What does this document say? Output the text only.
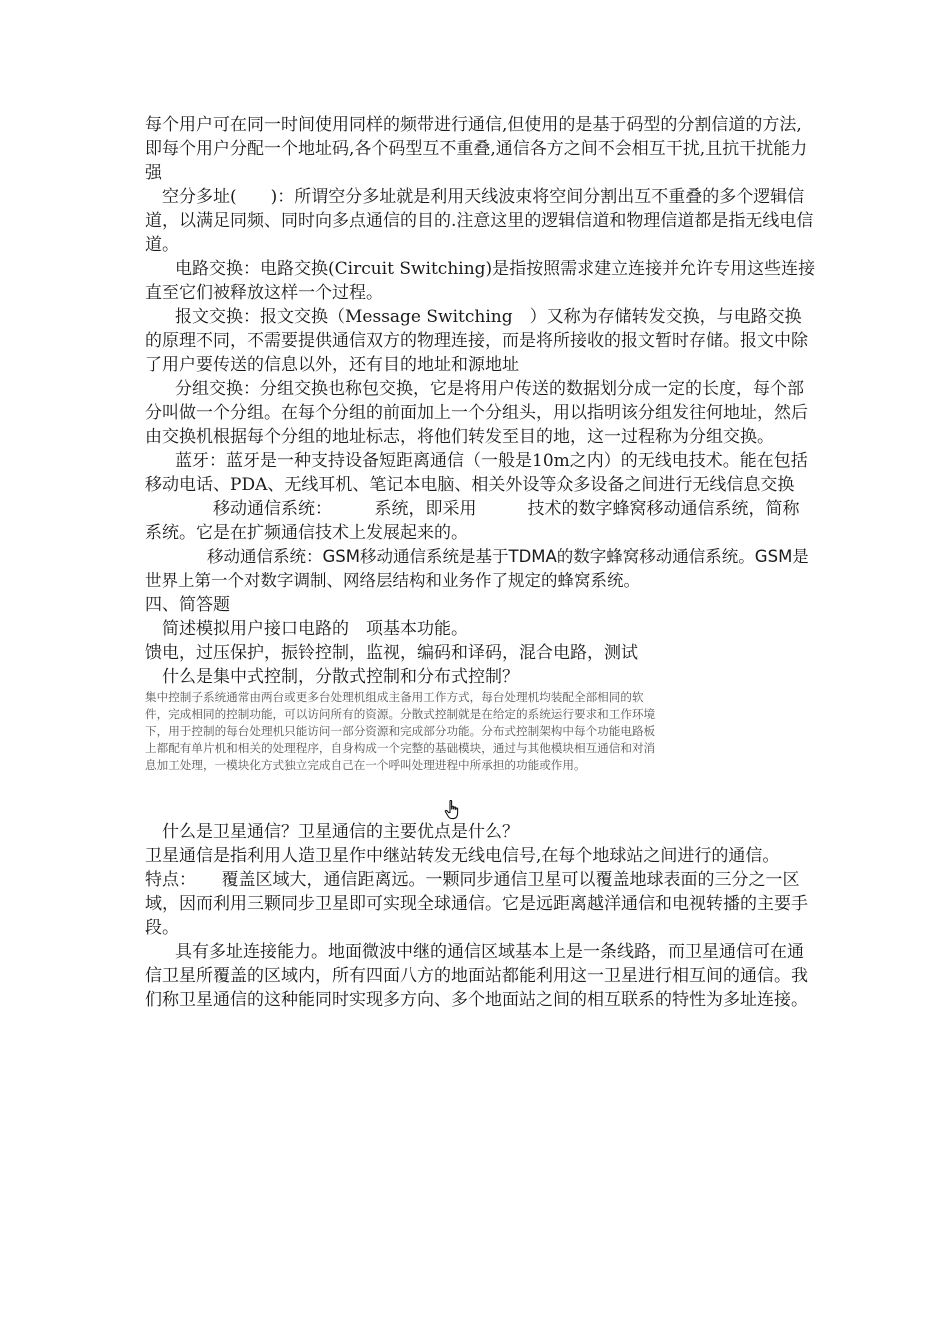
每个用户可在同一时间使用同样的频带进行通信,但使用的是基于码型的分割信道的方法,即每个用户分配一个地址码,各个码型互不重叠,通信各方之间不会相互干扰,且抗干扰能力强

空分多址(　　)：所谓空分多址就是利用天线波束将空间分割出互不重叠的多个逻辑信道，以满足同频、同时向多点通信的目的.注意这里的逻辑信道和物理信道都是指无线电信道。

电路交换：电路交换(Circuit Switching)是指按照需求建立连接并允许专用这些连接直至它们被释放这样一个过程。

报文交换：报文交换（Message Switching　）又称为存储转发交换，与电路交换的原理不同，不需要提供通信双方的物理连接，而是将所接收的报文暂时存储。报文中除了用户要传送的信息以外，还有目的地址和源地址

分组交换：分组交换也称包交换，它是将用户传送的数据划分成一定的长度，每个部分叫做一个分组。在每个分组的前面加上一个分组头，用以指明该分组发往何地址，然后由交换机根据每个分组的地址标志，将他们转发至目的地，这一过程称为分组交换。

蓝牙：蓝牙是一种支持设备短距离通信（一般是10m之内）的无线电技术。能在包括移动电话、PDA、无线耳机、笔记本电脑、相关外设等众多设备之间进行无线信息交换

移动通信系统：　　　系统，即采用　　　技术的数字蜂窝移动通信系统，简称　　　系统。它是在扩频通信技术上发展起来的。

移动通信系统：GSM移动通信系统是基于TDMA的数字蜂窝移动通信系统。GSM是世界上第一个对数字调制、网络层结构和业务作了规定的蜂窝系统。

四、简答题

简述模拟用户接口电路的　项基本功能。

馈电，过压保护，振铃控制，监视，编码和译码，混合电路，测试

什么是集中式控制，分散式控制和分布式控制？

集中控制子系统通常由两台或更多台处理机组成主备用工作方式，每台处理机均装配全部相同的软件，完成相同的控制功能，可以访问所有的资源。分散式控制就是在给定的系统运行要求和工作环境下，用于控制的每台处理机只能访问一部分资源和完成部分功能。分布式控制架构中每个功能电路板上都配有单片机和相关的处理程序，自身构成一个完整的基础模块，通过与其他模块相互通信和对消息加工处理，一模块化方式独立完成自己在一个呼叫处理进程中所承担的功能或作用。

什么是卫星通信？卫星通信的主要优点是什么？

卫星通信是指利用人造卫星作中继站转发无线电信号,在每个地球站之间进行的通信。

特点：　　覆盖区域大，通信距离远。一颗同步通信卫星可以覆盖地球表面的三分之一区域，因而利用三颗同步卫星即可实现全球通信。它是远距离越洋通信和电视转播的主要手段。

具有多址连接能力。地面微波中继的通信区域基本上是一条线路，而卫星通信可在通信卫星所覆盖的区域内，所有四面八方的地面站都能利用这一卫星进行相互间的通信。我们称卫星通信的这种能同时实现多方向、多个地面站之间的相互联系的特性为多址连接。
